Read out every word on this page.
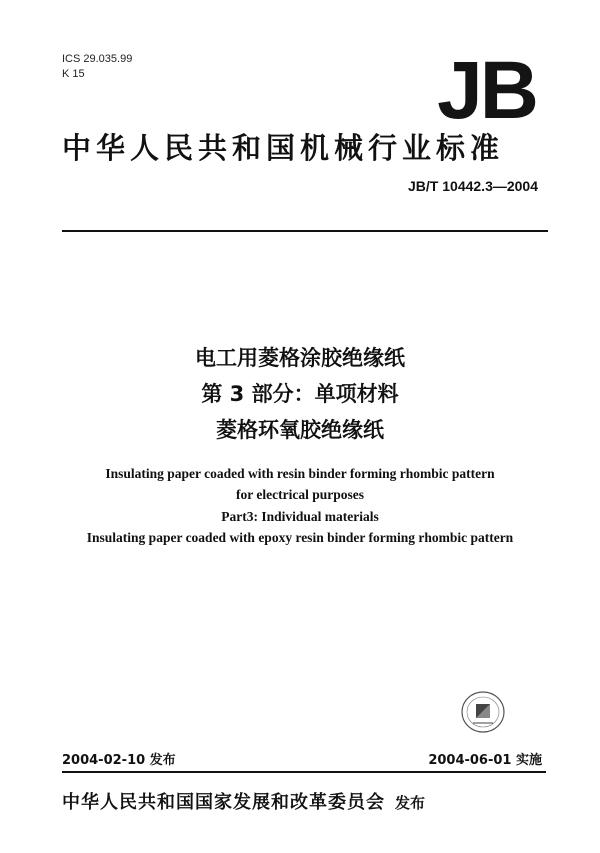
ICS 29.035.99
K 15	JB
中华人民共和国机械行业标准
JB/T 10442.3—2004
电工用菱格涂胶绝缘纸
第 3 部分：单项材料
菱格环氧胶绝缘纸
Insulating paper coaded with resin binder forming rhombic pattern
for electrical purposes
Part3: Individual materials
Insulating paper coaded with epoxy resin binder forming rhombic pattern
2004-02-10 发布	2004-06-01 实施
中华人民共和国国家发展和改革委员会 发布
